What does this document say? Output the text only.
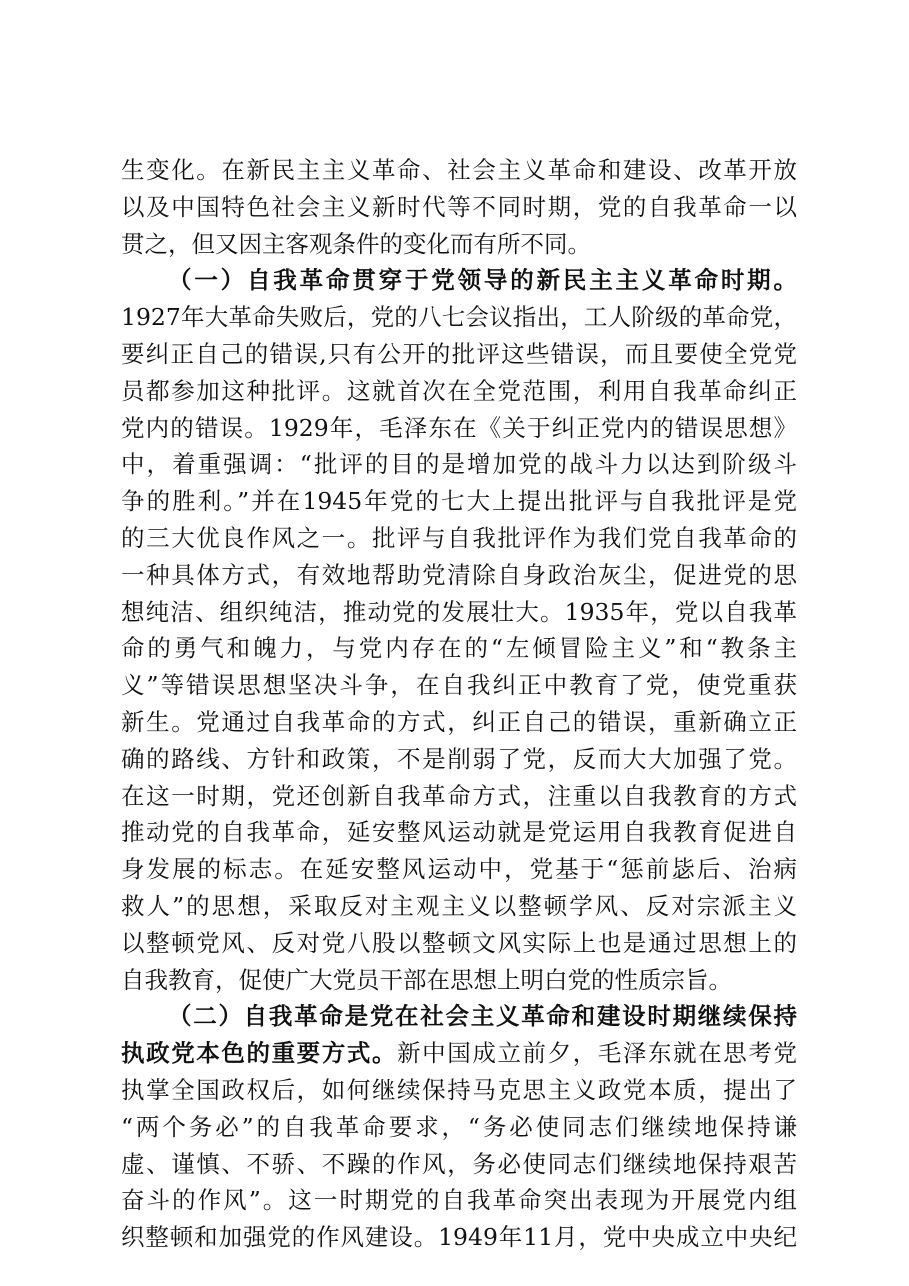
生变化。在新民主主义革命、社会主义革命和建设、改革开放
以及中国特色社会主义新时代等不同时期，党的自我革命一以
贯之，但又因主客观条件的变化而有所不同。
（一）自我革命贯穿于党领导的新民主主义革命时期。
1927年大革命失败后，党的八七会议指出，工人阶级的革命党，
要纠正自己的错误,只有公开的批评这些错误，而且要使全党党
员都参加这种批评。这就首次在全党范围，利用自我革命纠正
党内的错误。1929年，毛泽东在《关于纠正党内的错误思想》
中，着重强调：“批评的目的是增加党的战斗力以达到阶级斗
争的胜利。”并在1945年党的七大上提出批评与自我批评是党
的三大优良作风之一。批评与自我批评作为我们党自我革命的
一种具体方式，有效地帮助党清除自身政治灰尘，促进党的思
想纯洁、组织纯洁，推动党的发展壮大。1935年，党以自我革
命的勇气和魄力，与党内存在的“左倾冒险主义”和“教条主
义”等错误思想坚决斗争，在自我纠正中教育了党，使党重获
新生。党通过自我革命的方式，纠正自己的错误，重新确立正
确的路线、方针和政策，不是削弱了党，反而大大加强了党。
在这一时期，党还创新自我革命方式，注重以自我教育的方式
推动党的自我革命，延安整风运动就是党运用自我教育促进自
身发展的标志。在延安整风运动中，党基于“惩前毖后、治病
救人”的思想，采取反对主观主义以整顿学风、反对宗派主义
以整顿党风、反对党八股以整顿文风实际上也是通过思想上的
自我教育，促使广大党员干部在思想上明白党的性质宗旨。
（二）自我革命是党在社会主义革命和建设时期继续保持
执政党本色的重要方式。新中国成立前夕，毛泽东就在思考党
执掌全国政权后，如何继续保持马克思主义政党本质，提出了
“两个务必”的自我革命要求，“务必使同志们继续地保持谦
虚、谨慎、不骄、不躁的作风，务必使同志们继续地保持艰苦
奋斗的作风”。这一时期党的自我革命突出表现为开展党内组
织整顿和加强党的作风建设。1949年11月，党中央成立中央纪
